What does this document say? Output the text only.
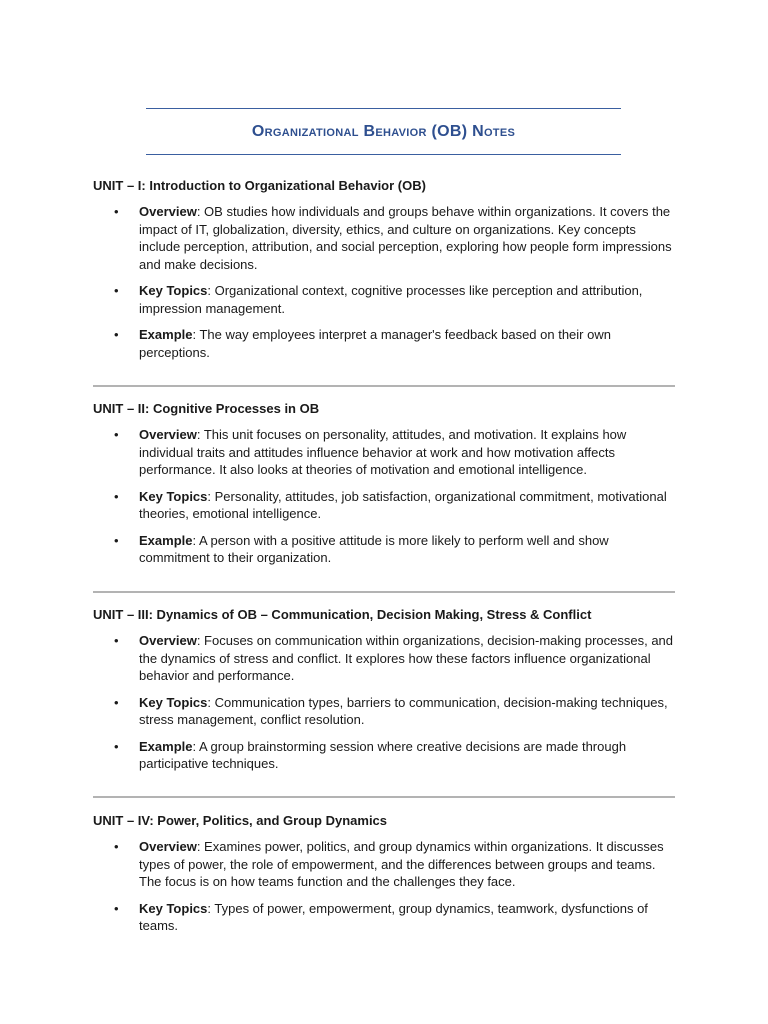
Organizational Behavior (OB) Notes

UNIT – I: Introduction to Organizational Behavior (OB)

• Overview: OB studies how individuals and groups behave within organizations. It covers the impact of IT, globalization, diversity, ethics, and culture on organizations. Key concepts include perception, attribution, and social perception, exploring how people form impressions and make decisions.
• Key Topics: Organizational context, cognitive processes like perception and attribution, impression management.
• Example: The way employees interpret a manager's feedback based on their own perceptions.

UNIT – II: Cognitive Processes in OB

• Overview: This unit focuses on personality, attitudes, and motivation. It explains how individual traits and attitudes influence behavior at work and how motivation affects performance. It also looks at theories of motivation and emotional intelligence.
• Key Topics: Personality, attitudes, job satisfaction, organizational commitment, motivational theories, emotional intelligence.
• Example: A person with a positive attitude is more likely to perform well and show commitment to their organization.

UNIT – III: Dynamics of OB – Communication, Decision Making, Stress & Conflict

• Overview: Focuses on communication within organizations, decision-making processes, and the dynamics of stress and conflict. It explores how these factors influence organizational behavior and performance.
• Key Topics: Communication types, barriers to communication, decision-making techniques, stress management, conflict resolution.
• Example: A group brainstorming session where creative decisions are made through participative techniques.

UNIT – IV: Power, Politics, and Group Dynamics

• Overview: Examines power, politics, and group dynamics within organizations. It discusses types of power, the role of empowerment, and the differences between groups and teams. The focus is on how teams function and the challenges they face.
• Key Topics: Types of power, empowerment, group dynamics, teamwork, dysfunctions of teams.
